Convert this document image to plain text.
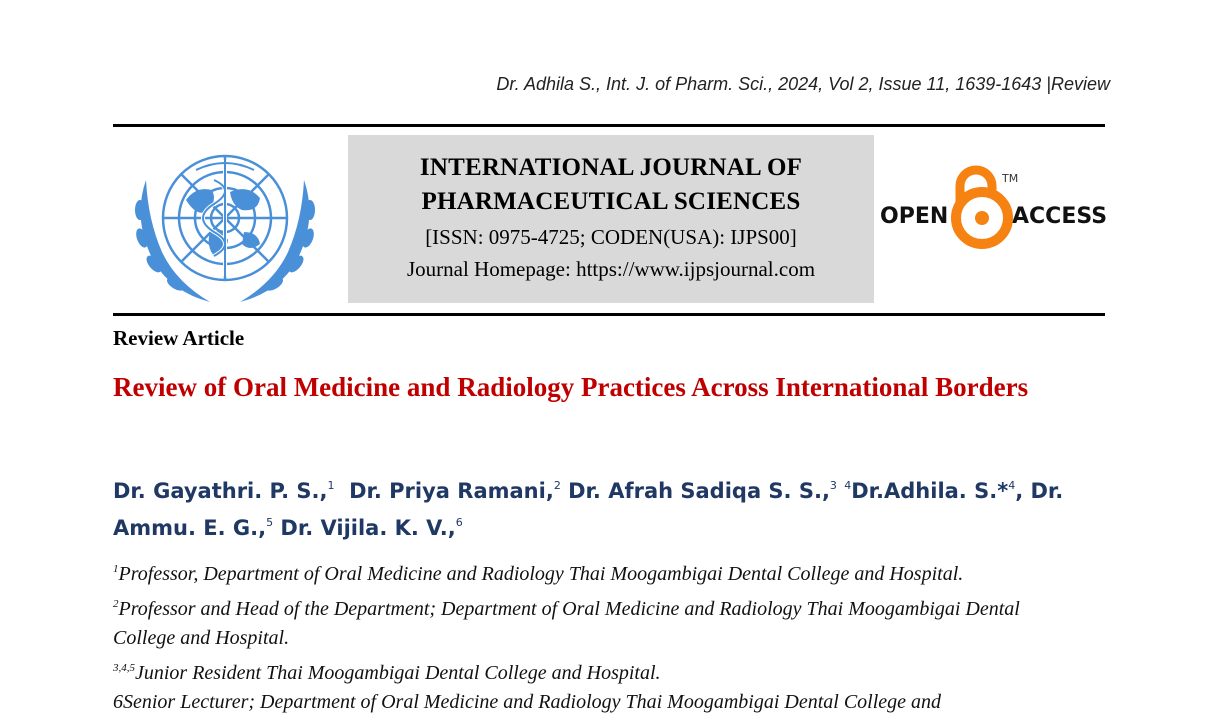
Dr. Adhila S., Int. J. of Pharm. Sci., 2024, Vol 2, Issue 11, 1639-1643 |Review
INTERNATIONAL JOURNAL OF
PHARMACEUTICAL SCIENCES
[ISSN: 0975-4725; CODEN(USA): IJPS00]
Journal Homepage: https://www.ijpsjournal.com
OPEN	ACCESS
TM
Review Article
Review of Oral Medicine and Radiology Practices Across International Borders
Dr. Gayathri. P. S.,$^1$ Dr. Priya Ramani,$^2$ Dr. Afrah Sadiqa S. S.,$^3$ $^4$Dr.Adhila. S.*$^4$, Dr. Ammu. E. G.,$^5$ Dr. Vijila. K. V.,$^6$
$^1$Professor, Department of Oral Medicine and Radiology Thai Moogambigai Dental College and Hospital.
$^2$Professor and Head of the Department; Department of Oral Medicine and Radiology Thai Moogambigai Dental College and Hospital.
$^{3,4,5}$Junior Resident Thai Moogambigai Dental College and Hospital.
6Senior Lecturer; Department of Oral Medicine and Radiology Thai Moogambigai Dental College and
